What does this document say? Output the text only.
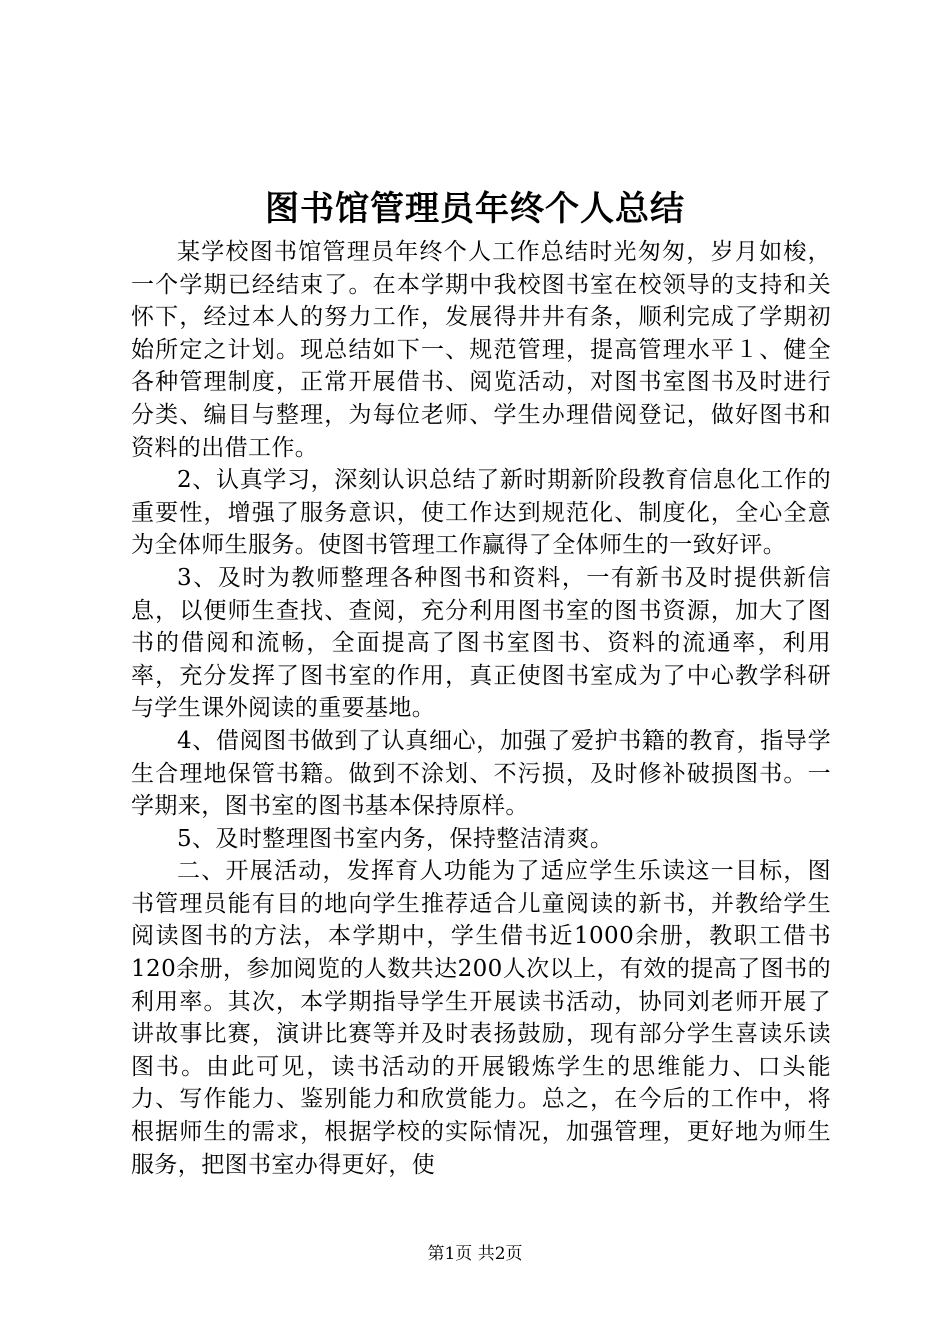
图书馆管理员年终个人总结

某学校图书馆管理员年终个人工作总结时光匆匆，岁月如梭，一个学期已经结束了。在本学期中我校图书室在校领导的支持和关怀下，经过本人的努力工作，发展得井井有条，顺利完成了学期初始所定之计划。现总结如下一、规范管理，提高管理水平１、健全各种管理制度，正常开展借书、阅览活动，对图书室图书及时进行分类、编目与整理，为每位老师、学生办理借阅登记，做好图书和资料的出借工作。

2、认真学习，深刻认识总结了新时期新阶段教育信息化工作的重要性，增强了服务意识，使工作达到规范化、制度化，全心全意为全体师生服务。使图书管理工作赢得了全体师生的一致好评。

3、及时为教师整理各种图书和资料，一有新书及时提供新信息，以便师生查找、查阅，充分利用图书室的图书资源，加大了图书的借阅和流畅，全面提高了图书室图书、资料的流通率，利用率，充分发挥了图书室的作用，真正使图书室成为了中心教学科研与学生课外阅读的重要基地。

4、借阅图书做到了认真细心，加强了爱护书籍的教育，指导学生合理地保管书籍。做到不涂划、不污损，及时修补破损图书。一学期来，图书室的图书基本保持原样。

5、及时整理图书室内务，保持整洁清爽。

二、开展活动，发挥育人功能为了适应学生乐读这一目标，图书管理员能有目的地向学生推荐适合儿童阅读的新书，并教给学生阅读图书的方法，本学期中，学生借书近1000余册，教职工借书120余册，参加阅览的人数共达200人次以上，有效的提高了图书的利用率。其次，本学期指导学生开展读书活动，协同刘老师开展了讲故事比赛，演讲比赛等并及时表扬鼓励，现有部分学生喜读乐读图书。由此可见，读书活动的开展锻炼学生的思维能力、口头能力、写作能力、鉴别能力和欣赏能力。总之，在今后的工作中，将根据师生的需求，根据学校的实际情况，加强管理，更好地为师生服务，把图书室办得更好，使

第1页 共2页
